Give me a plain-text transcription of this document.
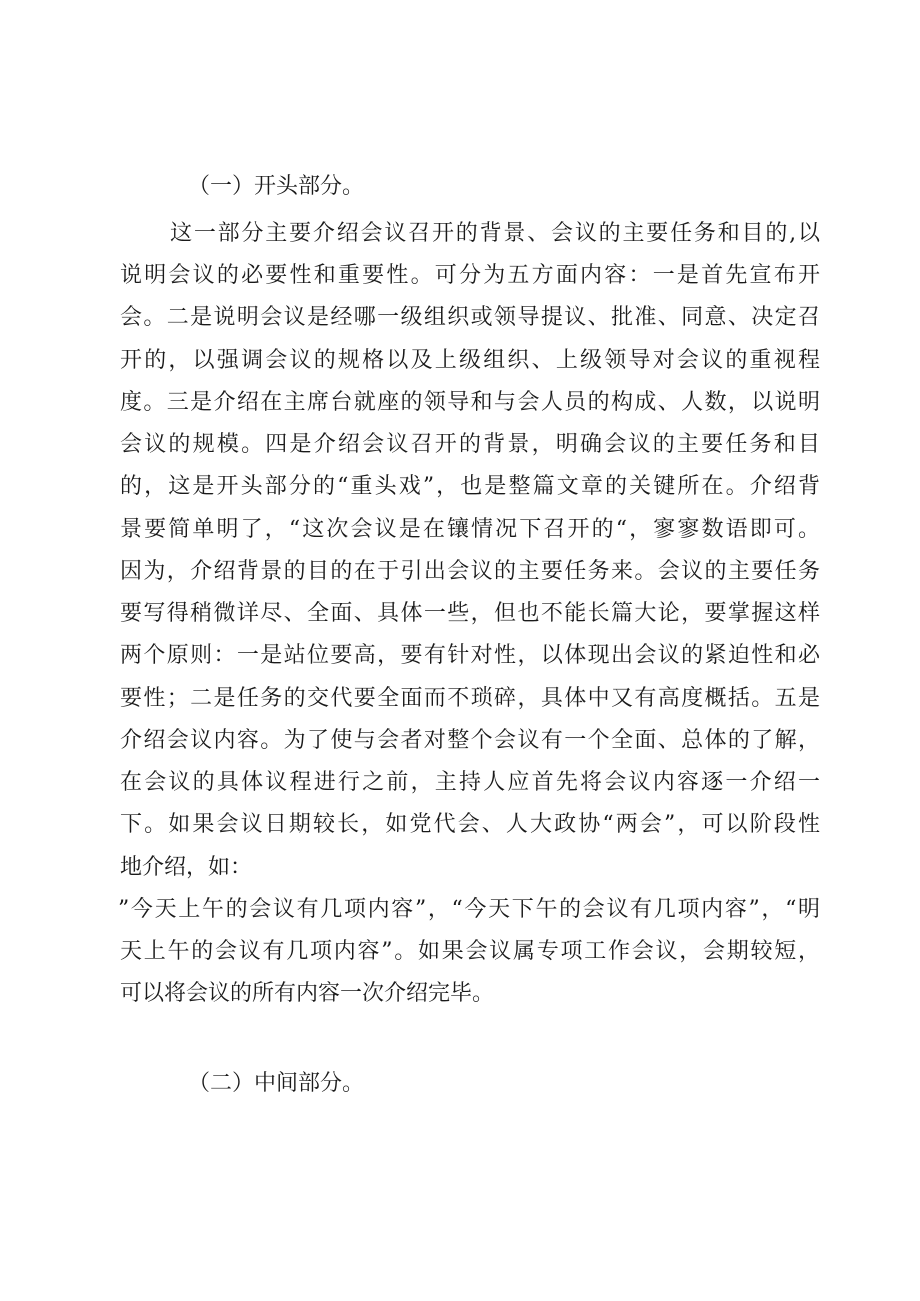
（一）开头部分。
这一部分主要介绍会议召开的背景、会议的主要任务和目的,以
说明会议的必要性和重要性。可分为五方面内容：一是首先宣布开
会。二是说明会议是经哪一级组织或领导提议、批准、同意、决定召
开的，以强调会议的规格以及上级组织、上级领导对会议的重视程
度。三是介绍在主席台就座的领导和与会人员的构成、人数，以说明
会议的规模。四是介绍会议召开的背景，明确会议的主要任务和目
的，这是开头部分的“重头戏”，也是整篇文章的关键所在。介绍背
景要简单明了，“这次会议是在镶情况下召开的“，寥寥数语即可。
因为，介绍背景的目的在于引出会议的主要任务来。会议的主要任务
要写得稍微详尽、全面、具体一些，但也不能长篇大论，要掌握这样
两个原则：一是站位要高，要有针对性，以体现出会议的紧迫性和必
要性；二是任务的交代要全面而不琐碎，具体中又有高度概括。五是
介绍会议内容。为了使与会者对整个会议有一个全面、总体的了解，
在会议的具体议程进行之前，主持人应首先将会议内容逐一介绍一
下。如果会议日期较长，如党代会、人大政协“两会”，可以阶段性
地介绍，如：
”今天上午的会议有几项内容”，“今天下午的会议有几项内容”，“明
天上午的会议有几项内容”。如果会议属专项工作会议，会期较短，
可以将会议的所有内容一次介绍完毕。
（二）中间部分。
